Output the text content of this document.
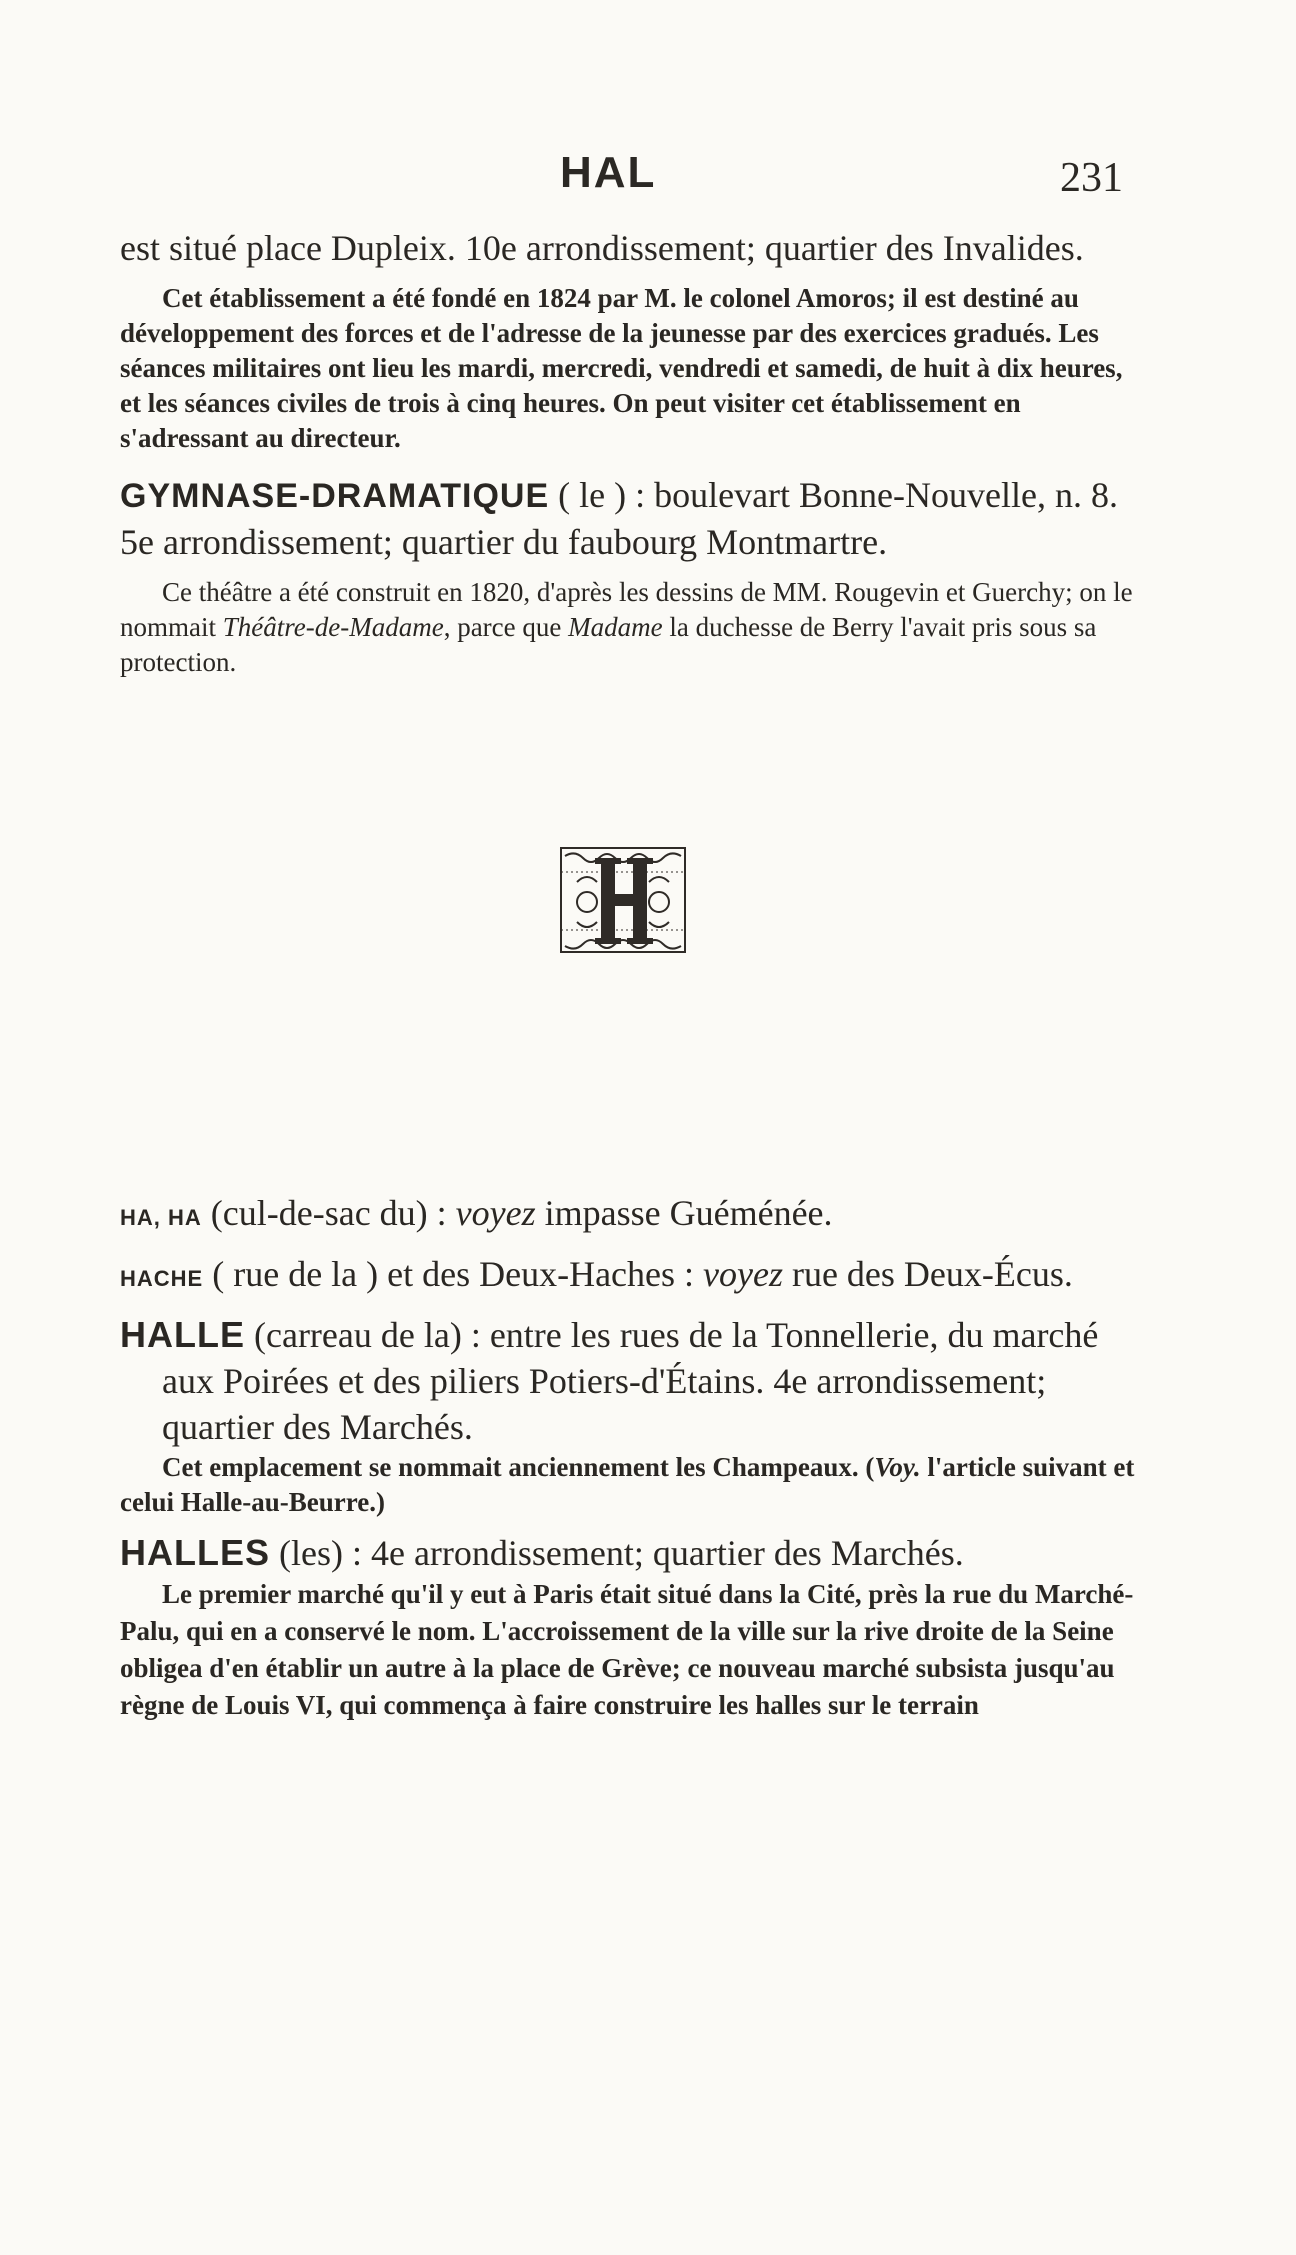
HAL	231

est situé place Dupleix. 10e arrondissement; quartier des Invalides.

Cet établissement a été fondé en 1824 par M. le colonel Amoros; il est destiné au développement des forces et de l'adresse de la jeunesse par des exercices gradués. Les séances militaires ont lieu les mardi, mercredi, vendredi et samedi, de huit à dix heures, et les séances civiles de trois à cinq heures. On peut visiter cet établissement en s'adressant au directeur.

GYMNASE-DRAMATIQUE ( le ) : boulevart Bonne-Nouvelle, n. 8. 5e arrondissement; quartier du faubourg Montmartre.

Ce théâtre a été construit en 1820, d'après les dessins de MM. Rougevin et Guerchy; on le nommait Théâtre-de-Madame, parce que Madame la duchesse de Berry l'avait pris sous sa protection.

HA, HA (cul-de-sac du) : voyez impasse Guéménée.

HACHE ( rue de la ) et des Deux-Haches : voyez rue des Deux-Écus.

HALLE (carreau de la) : entre les rues de la Tonnellerie, du marché aux Poirées et des piliers Potiers-d'Étains. 4e arrondissement; quartier des Marchés.

Cet emplacement se nommait anciennement les Champeaux. (Voy. l'article suivant et celui Halle-au-Beurre.)

HALLES (les) : 4e arrondissement; quartier des Marchés.

Le premier marché qu'il y eut à Paris était situé dans la Cité, près la rue du Marché-Palu, qui en a conservé le nom. L'accroissement de la ville sur la rive droite de la Seine obligea d'en établir un autre à la place de Grève; ce nouveau marché subsista jusqu'au règne de Louis VI, qui commença à faire construire les halles sur le terrain
